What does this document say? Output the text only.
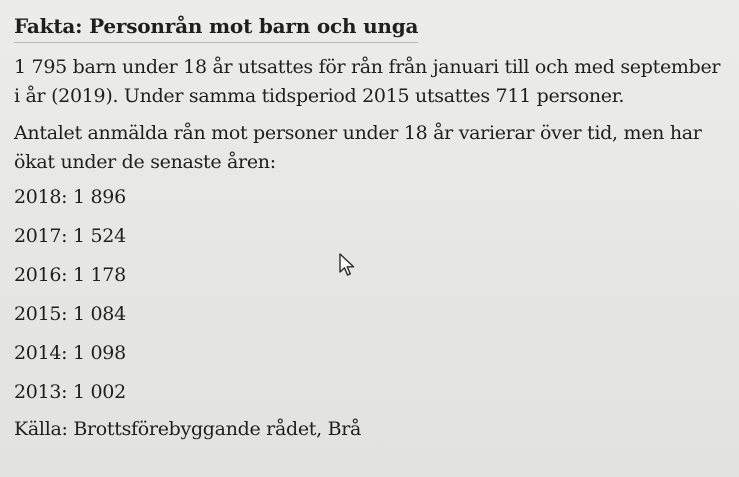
Fakta: Personrån mot barn och unga

1 795 barn under 18 år utsattes för rån från januari till och med september i år (2019). Under samma tidsperiod 2015 utsattes 711 personer.

Antalet anmälda rån mot personer under 18 år varierar över tid, men har ökat under de senaste åren:

2018: 1 896
2017: 1 524
2016: 1 178
2015: 1 084
2014: 1 098
2013: 1 002
Källa: Brottsförebyggande rådet, Brå
